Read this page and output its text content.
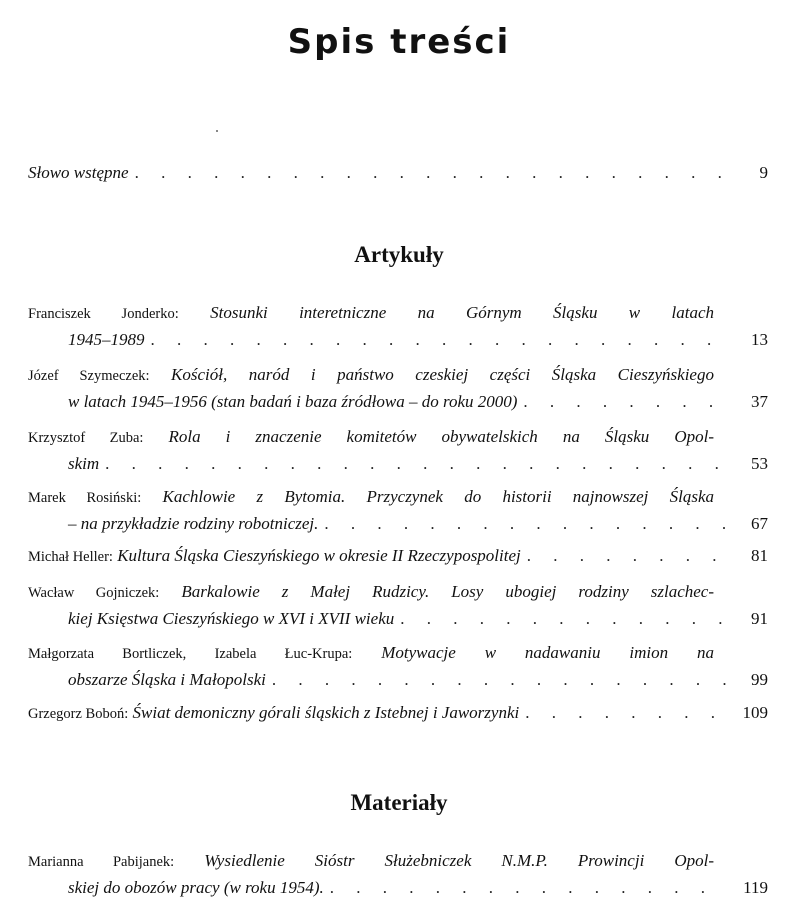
Spis treści
Słowo wstępne . . .	9
Artykuły
Franciszek Jonderko: Stosunki interetniczne na Górnym Śląsku w latach
1945–1989 . . .	13
Józef Szymeczek: Kościół, naród i państwo czeskiej części Śląska Cieszyńskiego
w latach 1945–1956 (stan badań i baza źródłowa – do roku 2000) . . .	37
Krzysztof Zuba: Rola i znaczenie komitetów obywatelskich na Śląsku Opol-
skim . . .	53
Marek Rosiński: Kachlowie z Bytomia. Przyczynek do historii najnowszej Śląska
– na przykładzie rodziny robotniczej. . . .	67
Michał Heller:
Kultura Śląska Cieszyńskiego w okresie II Rzeczypospolitej . . .	81
Wacław Gojniczek: Barkalowie z Małej Rudzicy. Losy ubogiej rodziny szlachec-
kiej Księstwa Cieszyńskiego w XVI i XVII wieku . . .	91
Małgorzata Bortliczek, Izabela Łuc-Krupa: Motywacje w nadawaniu imion na
obszarze Śląska i Małopolski . . .	99
Grzegorz Boboń:
Świat demoniczny górali śląskich z Istebnej i Jaworzynki . . .	109
Materiały
Marianna Pabijanek: Wysiedlenie Sióstr Służebniczek N.M.P. Prowincji Opol-
skiej do obozów pracy (w roku 1954). . . .	119
